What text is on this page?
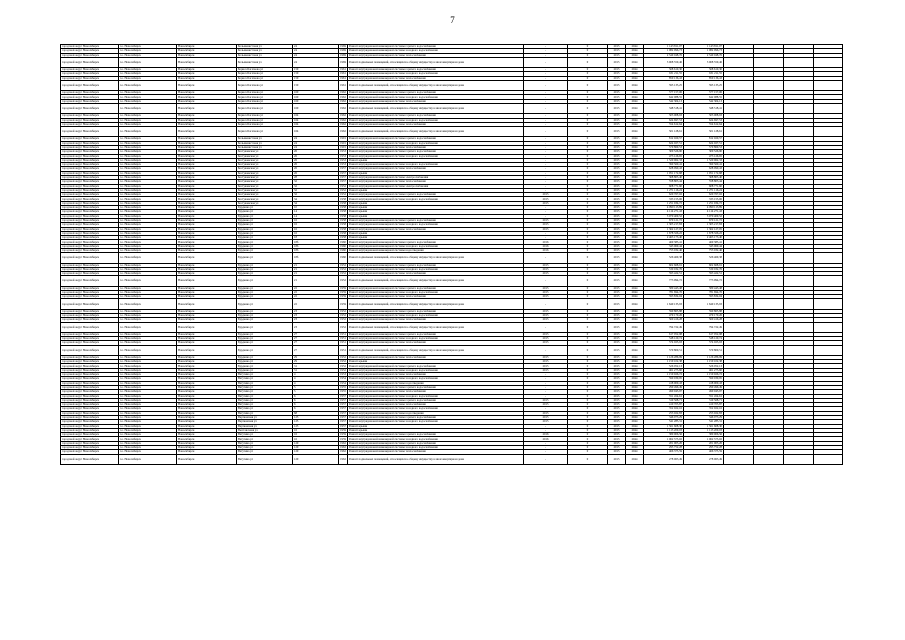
7
городской округ Новосибирск	г.о. Новосибирск	Новосибирск	Большевистская ул	24	1969	Ремонт внутридомовой инженерной системы горячего водоснабжения	-	0	2015	2044	1 143 811,07	1 143 811,07				
городской округ Новосибирск	г.о. Новосибирск	Новосибирск	Большевистская ул	24	1969	Ремонт внутридомовой инженерной системы холодного водоснабжения	-	0	2015	2044	1 082 996,73	1 082 996,73				
городской округ Новосибирск	г.о. Новосибирск	Новосибирск	Большевистская ул	24	1969	Ремонт внутридомовой инженерной системы теплоснабжения	-	0	2015	2044	2 549 048,76	2 549 048,76				
городской округ Новосибирск	г.о. Новосибирск	Новосибирск	Большевистская ул	24	1969	Ремонт подвальных помещений, относящихся к общему имуществу в многоквартирном доме	-	0	2015	2044	3 968 559,46	3 968 559,46				
городской округ Новосибирск	г.о. Новосибирск	Новосибирск	Бориса Богаткова ул	150	1961	Ремонт внутридомовой инженерной системы горячего водоснабжения	-	0	2015	2044	568 610,30	568 610,30				
городской округ Новосибирск	г.о. Новосибирск	Новосибирск	Бориса Богаткова ул	150	1961	Ремонт внутридомовой инженерной системы холодного водоснабжения	-	0	2015	2044	631 211,55	631 211,55				
городской округ Новосибирск	г.о. Новосибирск	Новосибирск	Бориса Богаткова ул	150	1961	Ремонт внутридомовой инженерной системы теплоснабжения	-	0	2015	2044	850 136,43	850 136,43				
городской округ Новосибирск	г.о. Новосибирск	Новосибирск	Бориса Богаткова ул	150	1961	Ремонт подвальных помещений, относящихся к общему имуществу в многоквартирном доме	-	0	2015	2044	595 135,25	595 135,25				
городской округ Новосибирск	г.о. Новосибирск	Новосибирск	Бориса Богаткова ул	160	1962	Ремонт внутридомовой инженерной системы горячего водоснабжения	-	0	2015	2044	577 157,06	577 157,06				
городской округ Новосибирск	г.о. Новосибирск	Новосибирск	Бориса Богаткова ул	160	1962	Ремонт внутридомовой инженерной системы холодного водоснабжения	-	0	2015	2044	642 088,55	642 088,55				
городской округ Новосибирск	г.о. Новосибирск	Новосибирск	Бориса Богаткова ул	160	1962	Ремонт внутридомовой инженерной системы теплоснабжения	-	0	2015	2044	542 304,13	542 304,13				
городской округ Новосибирск	г.о. Новосибирск	Новосибирск	Бориса Богаткова ул	160	1962	Ремонт подвальных помещений, относящихся к общему имуществу в многоквартирном доме	-	0	2015	2044	348 518,41	348 518,41				
городской округ Новосибирск	г.о. Новосибирск	Новосибирск	Бориса Богаткова ул	164	1962	Ремонт внутридомовой инженерной системы горячего водоснабжения	-	0	2015	2044	503 008,93	503 008,93				
городской округ Новосибирск	г.о. Новосибирск	Новосибирск	Бориса Богаткова ул	164	1962	Ремонт внутридомовой инженерной системы холодного водоснабжения	-	0	2015	2044	624 697,53	624 697,53				
городской округ Новосибирск	г.о. Новосибирск	Новосибирск	Бориса Богаткова ул	164	1962	Ремонт внутридомовой инженерной системы теплоснабжения	-	0	2015	2044	554 612,64	554 612,64				
городской округ Новосибирск	г.о. Новосибирск	Новосибирск	Бориса Богаткова ул	164	1962	Ремонт подвальных помещений, относящихся к общему имуществу в многоквартирном доме	-	0	2015	2044	501 128,61	501 128,61				
городской округ Новосибирск	г.о. Новосибирск	Новосибирск	Большевистская ул	24	1991	Ремонт внутридомовой инженерной системы горячего водоснабжения	-	0	2015	2044	812 020,57	812 020,57				
городской округ Новосибирск	г.о. Новосибирск	Новосибирск	Большевистская ул	24	1991	Ремонт внутридомовой инженерной системы холодного водоснабжения	-	0	2015	2044	624 027,51	624 027,51				
городской округ Новосибирск	г.о. Новосибирск	Новосибирск	Большевистская ул	24	1991	Ремонт внутридомовой инженерной системы теплоснабжения	-	0	2015	2044	570 869,53	570 869,53				
городской округ Новосибирск	г.о. Новосибирск	Новосибирск	Бестужевская ул	26	1953	Ремонт внутридомовой инженерной системы горячего водоснабжения	-	0	2015	2044	300 526,90	300 526,90				
городской округ Новосибирск	г.о. Новосибирск	Новосибирск	Бестужевская ул	26	1953	Ремонт внутридомовой инженерной системы холодного водоснабжения	-	0	2015	2044	473 126,65	473 126,65				
городской округ Новосибирск	г.о. Новосибирск	Новосибирск	Бестужевская ул	26	1953	Ремонт крыши	-	0	2015	2044	1 520 962,33	1 520 962,33				
городской округ Новосибирск	г.о. Новосибирск	Новосибирск	Бестужевская ул	26	1953	Ремонт внутридомовой инженерной системы холодного водоснабжения	-	0	2015	2044	390 560,41	390 560,41				
городской округ Новосибирск	г.о. Новосибирск	Новосибирск	Бестужевская ул	26	1957	Ремонт внутридомовой инженерной системы теплоснабжения	-	0	2015	2044	628 090,43	628 090,43				
городской округ Новосибирск	г.о. Новосибирск	Новосибирск	Бестужевская ул	26	1957	Ремонт крыши	-	0	2015	2044	1 051 172,68	1 051 172,68				
городской округ Новосибирск	г.о. Новосибирск	Новосибирск	Бестужевская ул	28	1957	Ремонт внутридомовой инженерной системы электроснабжения	-	0	2015	2044	368 805,40	368 805,40				
городской округ Новосибирск	г.о. Новосибирск	Новосибирск	Бестужевская ул	32	1957	Ремонт внутридомовой инженерной системы теплоснабжения	-	0	2015	2044	558 803,44	558 803,44				
городской округ Новосибирск	г.о. Новосибирск	Новосибирск	Бестужевская ул	32	1952	Ремонт внутридомовой инженерной системы электроснабжения	-	0	2015	2044	608 771,60	608 771,60				
городской округ Новосибирск	г.о. Новосибирск	Новосибирск	Бестужевская ул	32	1952	Ремонт крыши	-	0	2015	2044	1 271 116,24	1 271 116,24				
городской округ Новосибирск	г.о. Новосибирск	Новосибирск	Бестужевская ул	32	1952	Ремонт внутридомовой инженерной системы горячего водоснабжения	2015	0	2015	2044	620 767,02	620 767,02				
городской округ Новосибирск	г.о. Новосибирск	Новосибирск	Бестужевская ул	34	1958	Ремонт внутридомовой инженерной системы холодного водоснабжения	2015	0	2015	2044	333 155,06	333 155,06				
городской округ Новосибирск	г.о. Новосибирск	Новосибирск	Бестужевская ул	34	1958	Ремонт крыши	2015	0	2015	2044	1 251 934,72	1 251 934,72				
городской округ Новосибирск	г.о. Новосибирск	Новосибирск	Бурденко ул	10	1958	Ремонт крыши	-	0	2015	2044	4 090 113,89	4 090 113,89				
городской округ Новосибирск	г.о. Новосибирск	Новосибирск	Бурденко ул	14	1958	Ремонт крыши	-	0	2015	2044	4 114 271,43	4 114 271,43				
городской округ Новосибирск	г.о. Новосибирск	Новосибирск	Бурденко ул	14	1958	Ремонт крыши	-	0	2015	2044	3 970 409,52	3 970 409,52				
городской округ Новосибирск	г.о. Новосибирск	Новосибирск	Бурденко ул	16	1958	Ремонт внутридомовой инженерной системы горячего водоснабжения	2015	0	2015	2044	670 121,72	670 121,72				
городской округ Новосибирск	г.о. Новосибирск	Новосибирск	Бурденко ул	16	1958	Ремонт внутридомовой инженерной системы холодного водоснабжения	2015	0	2015	2044	1 305 217,83	1 305 217,83				
городской округ Новосибирск	г.о. Новосибирск	Новосибирск	Бурденко ул	16	1958	Ремонт внутридомовой инженерной системы теплоснабжения	2015	0	2015	2044	1 362 127,05	1 362 127,05				
городской округ Новосибирск	г.о. Новосибирск	Новосибирск	Бурденко ул	16	1958	Ремонт крыши	-	0	2015	2044	1 678 326,22	1 678 326,22				
городской округ Новосибирск	г.о. Новосибирск	Новосибирск	Бурденко ул	18	1958	Ремонт крыши	-	0	2015	2044	2 463 173,40	2 463 173,40				
городской округ Новосибирск	г.о. Новосибирск	Новосибирск	Бурденко ул	18б	1960	Ремонт внутридомовой инженерной системы горячего водоснабжения	2016	0	2015	2044	469 385,41	469 385,41				
городской округ Новосибирск	г.о. Новосибирск	Новосибирск	Бурденко ул	18б	1960	Ремонт внутридомовой инженерной системы холодного водоснабжения	2016	0	2015	2044	343 969,44	343 969,44				
городской округ Новосибирск	г.о. Новосибирск	Новосибирск	Бурденко ул	18б	1960	Ремонт внутридомовой инженерной системы водоотведения	2016	0	2015	2044	753 032,46	753 032,46				
городской округ Новосибирск	г.о. Новосибирск	Новосибирск	Бурденко ул	18б	1960	Ремонт подвальных помещений, относящихся к общему имуществу в многоквартирном доме	-	0	2015	2044	526 469,38	526 469,38				
городской округ Новосибирск	г.о. Новосибирск	Новосибирск	Бурденко ул	21	1952	Ремонт внутридомовой инженерной системы горячего водоснабжения	2015	0	2015	2044	602 668,91	602 668,91				
городской округ Новосибирск	г.о. Новосибирск	Новосибирск	Бурденко ул	21	1952	Ремонт внутридомовой инженерной системы холодного водоснабжения	2015	0	2015	2044	530 032,76	530 032,76				
городской округ Новосибирск	г.о. Новосибирск	Новосибирск	Бурденко ул	21	1952	Ремонт внутридомовой инженерной системы теплоснабжения	2015	0	2015	2044	593 422,51	593 422,51				
городской округ Новосибирск	г.о. Новосибирск	Новосибирск	Бурденко ул	21	1952	Ремонт подвальных помещений, относящихся к общему имуществу в многоквартирном доме	-	0	2015	2044	773 994,72	773 994,72				
городской округ Новосибирск	г.о. Новосибирск	Новосибирск	Бурденко ул	22	1959	Ремонт внутридомовой инженерной системы горячего водоснабжения	2015	0	2015	2044	580 443,48	580 443,48				
городской округ Новосибирск	г.о. Новосибирск	Новосибирск	Бурденко ул	22	1959	Ремонт внутридомовой инженерной системы холодного водоснабжения	2015	0	2015	2044	781 694,76	781 694,76				
городской округ Новосибирск	г.о. Новосибирск	Новосибирск	Бурденко ул	22	1959	Ремонт внутридомовой инженерной системы теплоснабжения	2015	0	2015	2044	593 834,04	593 834,04				
городской округ Новосибирск	г.о. Новосибирск	Новосибирск	Бурденко ул	22	1959	Ремонт подвальных помещений, относящихся к общему имуществу в многоквартирном доме	-	0	2015	2044	1 649 135,93	1 649 135,93				
городской округ Новосибирск	г.о. Новосибирск	Новосибирск	Бурденко ул	23	1952	Ремонт внутридомовой инженерной системы горячего водоснабжения	2015	0	2015	2044	590 865,88	590 865,88				
городской округ Новосибирск	г.о. Новосибирск	Новосибирск	Бурденко ул	23	1952	Ремонт внутридомовой инженерной системы холодного водоснабжения	2015	0	2015	2044	479 170,26	479 170,26				
городской округ Новосибирск	г.о. Новосибирск	Новосибирск	Бурденко ул	23	1952	Ремонт внутридомовой инженерной системы теплоснабжения	2015	0	2015	2044	560 416,28	560 416,28				
городской округ Новосибирск	г.о. Новосибирск	Новосибирск	Бурденко ул	23	1952	Ремонт подвальных помещений, относящихся к общему имуществу в многоквартирном доме	-	0	2015	2044	794 722,49	794 722,49				
городской округ Новосибирск	г.о. Новосибирск	Новосибирск	Бурденко ул	27	1951	Ремонт внутридомовой инженерной системы горячего водоснабжения	2015	0	2015	2044	617 052,98	617 052,98				
городской округ Новосибирск	г.о. Новосибирск	Новосибирск	Бурденко ул	27	1951	Ремонт внутридомовой инженерной системы холодного водоснабжения	2015	0	2015	2044	548 120,74	548 120,74				
городской округ Новосибирск	г.о. Новосибирск	Новосибирск	Бурденко ул	27	1951	Ремонт внутридомовой инженерной системы теплоснабжения	2015	0	2015	2044	574 025,93	574 025,93				
городской округ Новосибирск	г.о. Новосибирск	Новосибирск	Бурденко ул	27	1951	Ремонт подвальных помещений, относящихся к общему имуществу в многоквартирном доме	-	0	2015	2044	579 800,51	579 800,51				
городской округ Новосибирск	г.о. Новосибирск	Новосибирск	Бурденко ул	29	1952	Ремонт внутридомовой инженерной системы теплоснабжения	2015	0	2015	2044	1 126 286,99	1 126 286,99				
городской округ Новосибирск	г.о. Новосибирск	Новосибирск	Бурденко ул	29	1952	Ремонт крыши	2015	0	2015	2044	1 150 102,38	1 150 102,38				
городской округ Новосибирск	г.о. Новосибирск	Новосибирск	Бурденко ул	31	1952	Ремонт внутридомовой инженерной системы горячего водоснабжения	2015	0	2015	2044	526 052,13	526 052,13				
городской округ Новосибирск	г.о. Новосибирск	Новосибирск	Бурденко ул	31	1952	Ремонт внутридомовой инженерной системы холодного водоснабжения	2015	0	2015	2044	461 275,60	461 275,60				
городской округ Новосибирск	г.о. Новосибирск	Новосибирск	Ватутина ул	4	1953	Ремонт внутридомовой инженерной системы теплоснабжения	-	0	2015	2044	1 150 926,72	1 150 926,72				
городской округ Новосибирск	г.о. Новосибирск	Новосибирск	Ватутина ул	4	1954	Ремонт внутридомовой инженерной системы холодного водоснабжения	-	0	2015	2044	590 030,95	590 030,95				
городской округ Новосибирск	г.о. Новосибирск	Новосибирск	Ватутина ул	4	1954	Ремонт внутридомовой инженерной системы водоотведения	-	0	2015	2044	418 909,43	418 909,43				
городской округ Новосибирск	г.о. Новосибирск	Новосибирск	Ватутина ул	5	1955	Ремонт внутридомовой инженерной системы горячего водоснабжения	-	0	2015	2044	290 496,49	290 496,49				
городской округ Новосибирск	г.о. Новосибирск	Новосибирск	Ватутина ул	5	1955	Ремонт внутридомовой инженерной системы теплоснабжения	-	0	2015	2044	490 043,97	490 043,97				
городской округ Новосибирск	г.о. Новосибирск	Новосибирск	Ватутина ул	6	1957	Ремонт внутридомовой инженерной системы холодного водоснабжения	-	0	2015	2044	551 454,61	551 454,61				
городской округ Новосибирск	г.о. Новосибирск	Новосибирск	Ватутина ул	6	1957	Ремонт внутридомовой инженерной системы горячего водоснабжения	2015	0	2015	2044	319 568,71	319 568,71				
городской округ Новосибирск	г.о. Новосибирск	Новосибирск	Ватутина ул	6	1957	Ремонт внутридомовой инженерной системы теплоснабжения	2015	0	2015	2044	410 705,87	410 705,87				
городской округ Новосибирск	г.о. Новосибирск	Новосибирск	Ватутина ул	6	1957	Ремонт внутридомовой инженерной системы холодного водоснабжения	-	0	2015	2044	352 922,16	352 922,16				
городской округ Новосибирск	г.о. Новосибирск	Новосибирск	Ватутина ул	68	1957	Ремонт внутридомовой инженерной системы водоотведения	2015	0	2015	2044	253 022,83	253 022,83				
городской округ Новосибирск	г.о. Новосибирск	Новосибирск	Вертковская ул	125	1957	Ремонт внутридомовой инженерной системы горячего водоснабжения	2015	0	2015	2044	346 073,29	346 073,29				
городской округ Новосибирск	г.о. Новосибирск	Новосибирск	Вертковская ул	125	1957	Ремонт внутридомовой инженерной системы холодного водоснабжения	2015	0	2015	2044	541 285,31	541 285,31				
городской округ Новосибирск	г.о. Новосибирск	Новосибирск	Вертковская ул	125	1957	Ремонт крыши	-	0	2015	2044	1 561 608,30	1 561 608,30				
городской округ Новосибирск	г.о. Новосибирск	Новосибирск	Выставочная ул	16	1959	Ремонт крыши	-	0	2015	2044	1 115 209,03	1 115 209,03				
городской округ Новосибирск	г.о. Новосибирск	Новосибирск	Ватутина ул	16	1959	Ремонт внутридомовой инженерной системы горячего водоснабжения	2016	0	2015	2044	380 906,56	380 906,56				
городской округ Новосибирск	г.о. Новосибирск	Новосибирск	Ватутина ул	16	1959	Ремонт внутридомовой инженерной системы холодного водоснабжения	2016	0	2015	2044	1 062 575,02	1 062 575,02				
городской округ Новосибирск	г.о. Новосибирск	Новосибирск	Ватутина ул	120	1962	Ремонт внутридомовой инженерной системы горячего водоснабжения	-	0	2015	2044	201 905,26	201 905,26				
городской округ Новосибирск	г.о. Новосибирск	Новосибирск	Ватутина ул	120	1962	Ремонт внутридомовой инженерной системы холодного водоснабжения	-	0	2015	2044	295 752,28	295 752,28				
городской округ Новосибирск	г.о. Новосибирск	Новосибирск	Ватутина ул	120	1962	Ремонт внутридомовой инженерной системы теплоснабжения	-	0	2015	2044	466 375,59	466 375,59				
городской округ Новосибирск	г.о. Новосибирск	Новосибирск	Ватутина ул	120	1962	Ремонт подвальных помещений, относящихся к общему имуществу в многоквартирном доме	-	0	2015	2044	278 063,49	278 063,49				
